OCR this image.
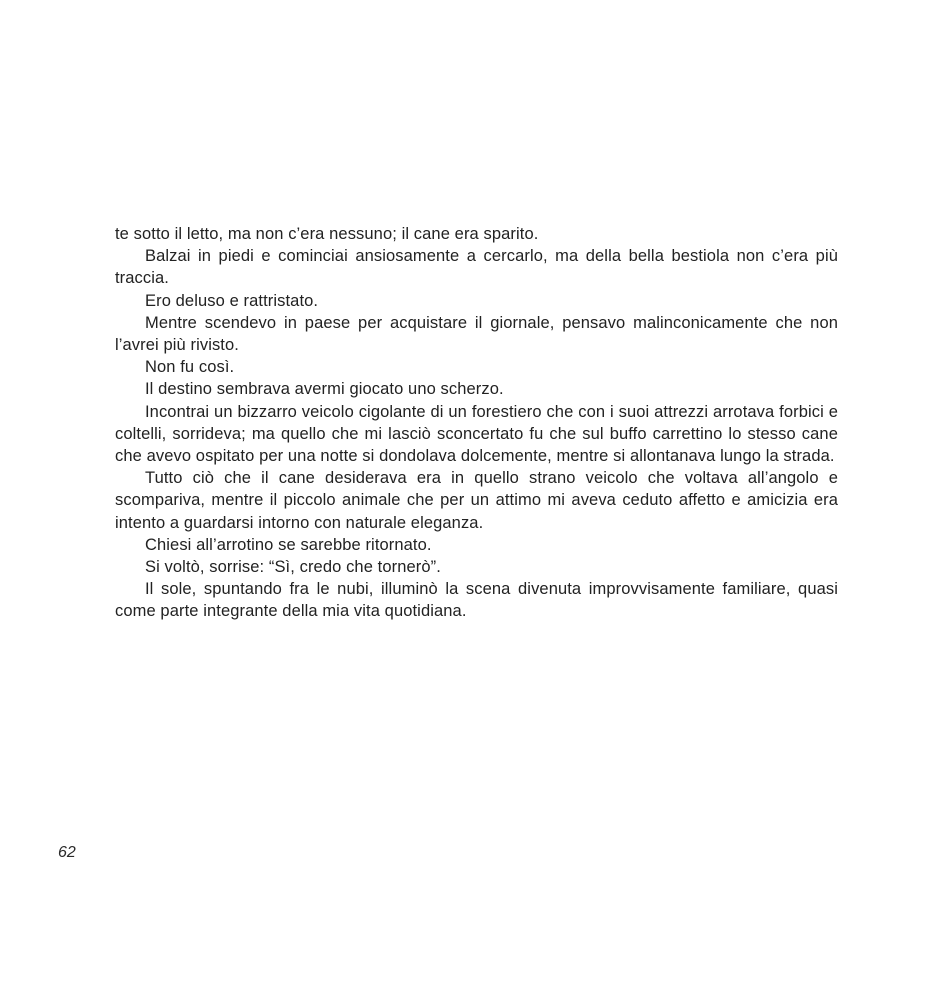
te sotto il letto, ma non c’era nessuno; il cane era sparito.

Balzai in piedi e cominciai ansiosamente a cercarlo, ma della bella bestiola non c’era più traccia.

Ero deluso e rattristato.

Mentre scendevo in paese per acquistare il giornale, pensavo malinconicamente che non l’avrei più rivisto.

Non fu così.

Il destino sembrava avermi giocato uno scherzo.

Incontrai un bizzarro veicolo cigolante di un forestiero che con i suoi attrezzi arrotava forbici e coltelli, sorrideva; ma quello che mi lasciò sconcertato fu che sul buffo carrettino lo stesso cane che avevo ospitato per una notte si dondolava dolcemente, mentre si allontanava lungo la strada.

Tutto ciò che il cane desiderava era in quello strano veicolo che voltava all’angolo e scompariva, mentre il piccolo animale che per un attimo mi aveva ceduto affetto e amicizia era intento a guardarsi intorno con naturale eleganza.

Chiesi all’arrotino se sarebbe ritornato.

Si voltò, sorrise: “Sì, credo che tornerò”.

Il sole, spuntando fra le nubi, illuminò la scena divenuta improvvisamente familiare, quasi come parte integrante della mia vita quotidiana.

62
